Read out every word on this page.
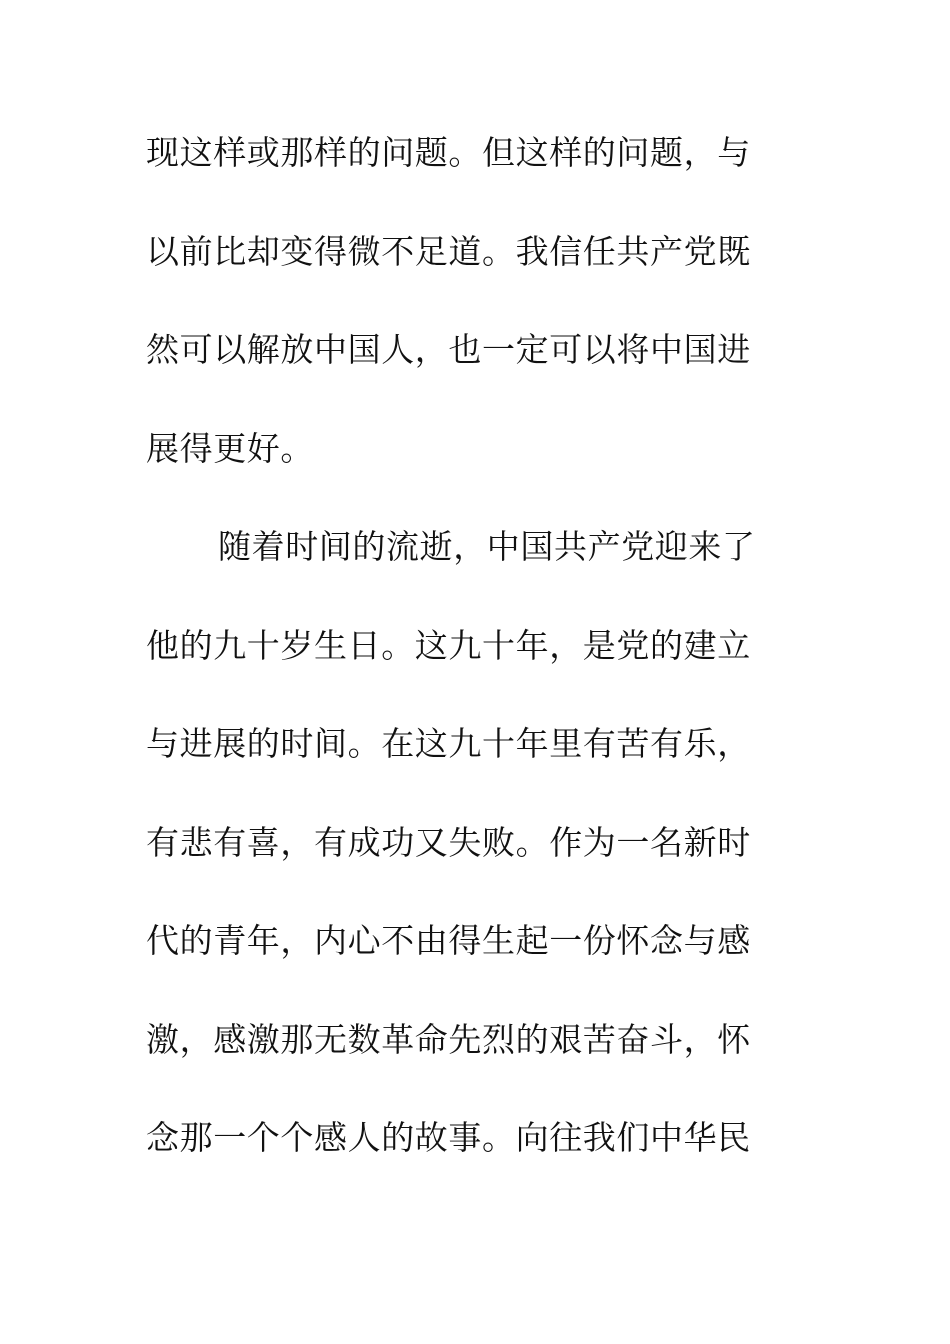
现这样或那样的问题。但这样的问题，与
以前比却变得微不足道。我信任共产党既
然可以解放中国人，也一定可以将中国进
展得更好。
随着时间的流逝，中国共产党迎来了
他的九十岁生日。这九十年，是党的建立
与进展的时间。在这九十年里有苦有乐，
有悲有喜，有成功又失败。作为一名新时
代的青年，内心不由得生起一份怀念与感
激，感激那无数革命先烈的艰苦奋斗，怀
念那一个个感人的故事。向往我们中华民
